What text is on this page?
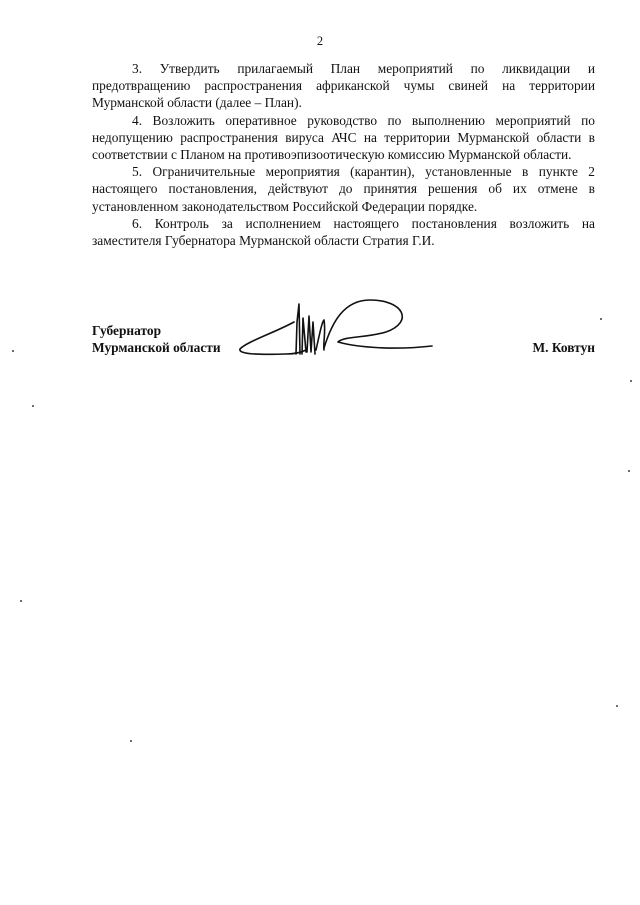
2

3. Утвердить прилагаемый План мероприятий по ликвидации и предотвращению распространения африканской чумы свиней на территории Мурманской области (далее – План).

4. Возложить оперативное руководство по выполнению мероприятий по недопущению распространения вируса АЧС на территории Мурманской области в соответствии с Планом на противоэпизоотическую комиссию Мурманской области.

5. Ограничительные мероприятия (карантин), установленные в пункте 2 настоящего постановления, действуют до принятия решения об их отмене в установленном законодательством Российской Федерации порядке.

6. Контроль за исполнением настоящего постановления возложить на заместителя Губернатора Мурманской области Стратия Г.И.

Губернатор
Мурманской области	М. Ковтун
